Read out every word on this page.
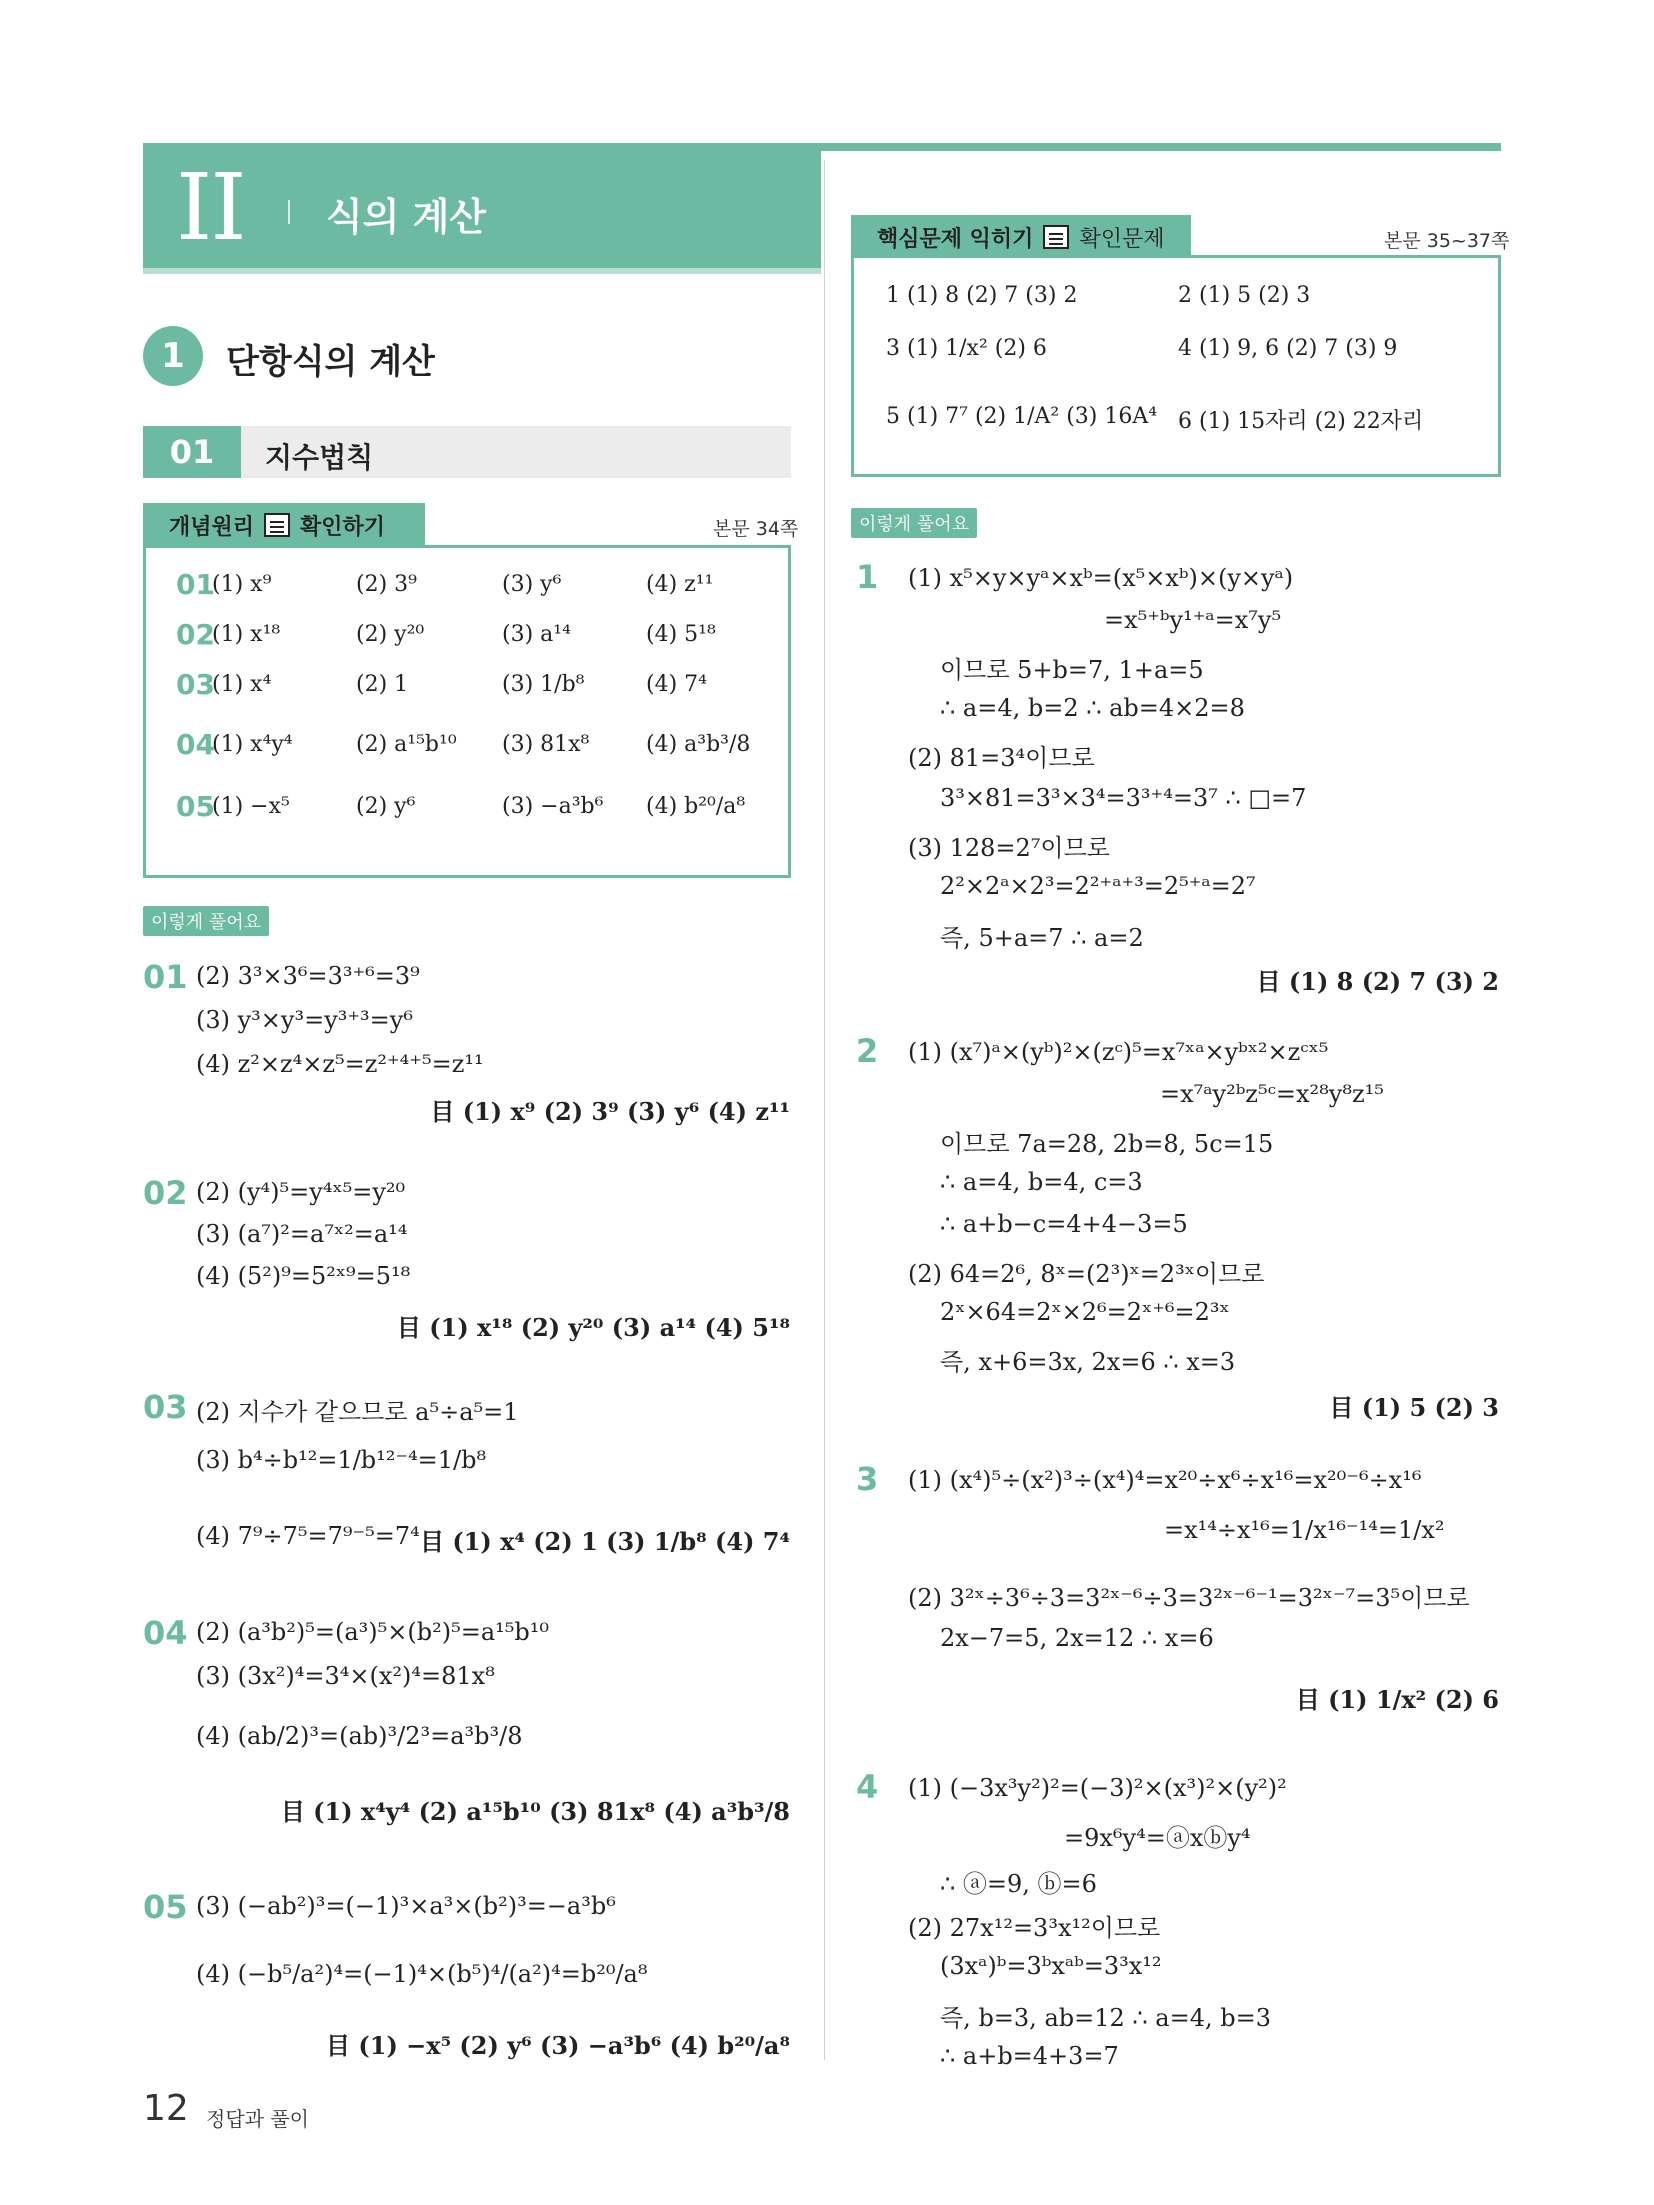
II 식의 계산
1	단항식의 계산
01	지수법칙
개념원리 확인하기	본문 34쪽
01
(1) x⁹	(2) 3⁹	(3) y⁶	(4) z¹¹
02
(1) x¹⁸	(2) y²⁰	(3) a¹⁴	(4) 5¹⁸
03
(1) x⁴	(2) 1	(3) 1/b⁸	(4) 7⁴
04
(1) x⁴y⁴	(2) a¹⁵b¹⁰ (3) 81x⁸	(4) a³b³/8
05
(1) −x⁵	(2) y⁶	(3) −a³b⁶ (4) b²⁰/a⁸
핵심문제 익히기 확인문제	본문 35~37쪽
1 (1) 8 (2) 7 (3) 2	2 (1) 5 (2) 3
3 (1) 1/x² (2) 6	4 (1) 9, 6 (2) 7 (3) 9
5 (1) 7⁷ (2) 1/A² (3) 16A⁴ 6 (1) 15자리 (2) 22자리
이렇게 풀어요
이렇게 풀어요
01 (2) 3³×3⁶=3³⁺⁶=3⁹
(3) y³×y³=y³⁺³=y⁶
(4) z²×z⁴×z⁵=z²⁺⁴⁺⁵=z¹¹
目 (1) x⁹ (2) 3⁹ (3) y⁶ (4) z¹¹
02 (2) (y⁴)⁵=y⁴ˣ⁵=y²⁰
(3) (a⁷)²=a⁷ˣ²=a¹⁴
(4) (5²)⁹=5²ˣ⁹=5¹⁸
目 (1) x¹⁸ (2) y²⁰ (3) a¹⁴ (4) 5¹⁸
03 (2) 지수가 같으므로 a⁵÷a⁵=1
(3) b⁴÷b¹²=1/b¹²⁻⁴=1/b⁸
(4) 7⁹÷7⁵=7⁹⁻⁵=7⁴ 目 (1) x⁴ (2) 1 (3) 1/b⁸ (4) 7⁴
04 (2) (a³b²)⁵=(a³)⁵×(b²)⁵=a¹⁵b¹⁰
(3) (3x²)⁴=3⁴×(x²)⁴=81x⁸
(4) (ab/2)³=(ab)³/2³=a³b³/8
目 (1) x⁴y⁴ (2) a¹⁵b¹⁰ (3) 81x⁸ (4) a³b³/8
05 (3) (−ab²)³=(−1)³×a³×(b²)³=−a³b⁶
(4) (−b⁵/a²)⁴=(−1)⁴×(b⁵)⁴/(a²)⁴=b²⁰/a⁸
目 (1) −x⁵ (2) y⁶ (3) −a³b⁶ (4) b²⁰/a⁸
1 (1) x⁵×y×yᵃ×xᵇ=(x⁵×xᵇ)×(y×yᵃ)
=x⁵⁺ᵇy¹⁺ᵃ=x⁷y⁵
이므로 5+b=7, 1+a=5
∴ a=4, b=2 ∴ ab=4×2=8
(2) 81=3⁴이므로
3³×81=3³×3⁴=3³⁺⁴=3⁷ ∴ □=7
(3) 128=2⁷이므로
2²×2ᵃ×2³=2²⁺ᵃ⁺³=2⁵⁺ᵃ=2⁷
즉, 5+a=7 ∴ a=2
目 (1) 8 (2) 7 (3) 2
2 (1) (x⁷)ᵃ×(yᵇ)²×(zᶜ)⁵=x⁷ˣᵃ×yᵇˣ²×zᶜˣ⁵
=x⁷ᵃy²ᵇz⁵ᶜ=x²⁸y⁸z¹⁵
이므로 7a=28, 2b=8, 5c=15
∴ a=4, b=4, c=3
∴ a+b−c=4+4−3=5
(2) 64=2⁶, 8ˣ=(2³)ˣ=2³ˣ이므로
2ˣ×64=2ˣ×2⁶=2ˣ⁺⁶=2³ˣ
즉, x+6=3x, 2x=6 ∴ x=3
目 (1) 5 (2) 3
3 (1) (x⁴)⁵÷(x²)³÷(x⁴)⁴=x²⁰÷x⁶÷x¹⁶=x²⁰⁻⁶÷x¹⁶
=x¹⁴÷x¹⁶=1/x¹⁶⁻¹⁴=1/x²
(2) 3²ˣ÷3⁶÷3=3²ˣ⁻⁶÷3=3²ˣ⁻⁶⁻¹=3²ˣ⁻⁷=3⁵이므로
2x−7=5, 2x=12 ∴ x=6
目 (1) 1/x² (2) 6
4 (1) (−3x³y²)²=(−3)²×(x³)²×(y²)²
=9x⁶y⁴=ⓐxⓑy⁴
∴ ⓐ=9, ⓑ=6
(2) 27x¹²=3³x¹²이므로
(3xᵃ)ᵇ=3ᵇxᵃᵇ=3³x¹²
즉, b=3, ab=12 ∴ a=4, b=3
∴ a+b=4+3=7
12 정답과 풀이
